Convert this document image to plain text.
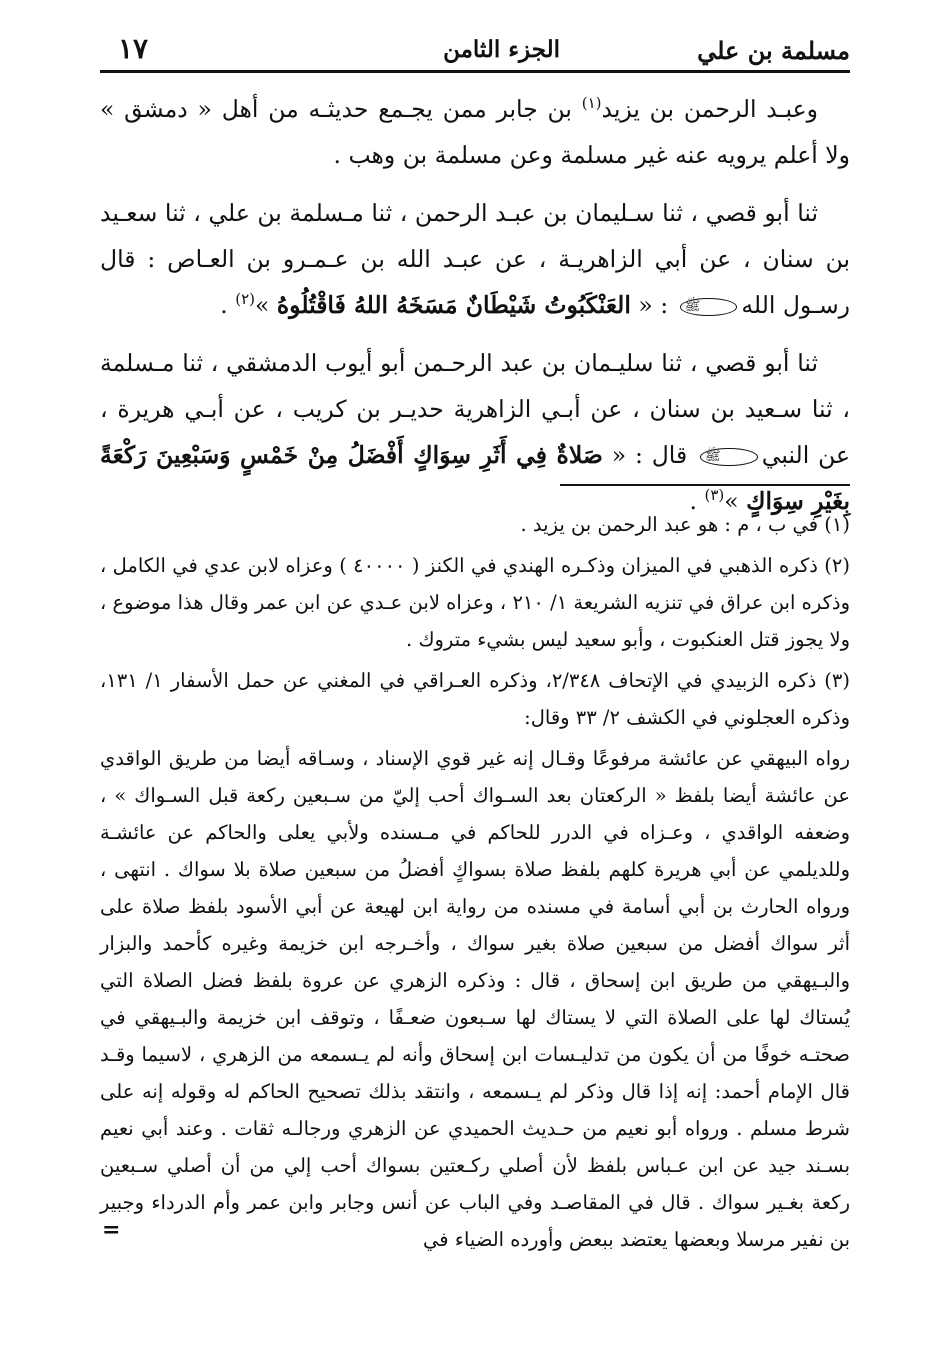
مسلمة بن علي
الجزء الثامن
١٧

وعبـد الرحمن بن يزيد$^{(١)}$ بن جابر ممن يجـمع حديثـه من أهل « دمشق » ولا أعلم يرويه عنه غير مسلمة وعن مسلمة بن وهب .

ثنا أبو قصي ، ثنا سـليمان بن عبـد الرحمن ، ثنا مـسلمة بن علي ، ثنا سعـيد بن سنان ، عن أبي الزاهريـة ، عن عبـد الله بن عـمـرو بن العـاص : قال رسـول اللهﷺ : « العَنْكَبُوتُ شَيْطَانٌ مَسَخَهُ اللهُ فَاقْتُلُوهُ »$^{(٢)}$ .

ثنا أبو قصي ، ثنا سليـمان بن عبد الرحـمن أبو أيوب الدمشقي ، ثنا مـسلمة ، ثنا سـعيد بن سنان ، عن أبـي الزاهرية حديـر بن كريب ، عن أبـي هريرة ، عن النبيﷺ قال : « صَلاةٌ فِي أَثَرِ سِوَاكٍ أَفْضَلُ مِنْ خَمْسٍ وَسَبْعِينَ رَكْعَةً بِغَيْرِ سِوَاكٍ »$^{(٣)}$ .

(١) في ب ، م : هو عبد الرحمن بن يزيد .

(٢) ذكره الذهبي في الميزان وذكـره الهندي في الكنز ( ٤٠٠٠٠ ) وعزاه لابن عدي في الكامل ، وذكره ابن عراق في تنزيه الشريعة ١/ ٢١٠ ، وعزاه لابن عـدي عن ابن عمر وقال هذا موضوع ، ولا يجوز قتل العنكبوت ، وأبو سعيد ليس بشيء متروك .

(٣) ذكره الزبيدي في الإتحاف ٢/٣٤٨، وذكره العـراقي في المغني عن حمل الأسفار ١/ ١٣١، وذكره العجلوني في الكشف ٢/ ٣٣ وقال:

رواه البيهقي عن عائشة مرفوعًا وقـال إنه غير قوي الإسناد ، وسـاقه أيضا من طريق الواقدي عن عائشة أيضا بلفظ « الركعتان بعد السـواك أحب إليّ من سـبعين ركعة قبل السـواك » ، وضعفه الواقدي ، وعـزاه في الدرر للحاكم في مـسنده ولأبي يعلى والحاكم عن عائشـة وللديلمي عن أبي هريرة كلهم بلفظ صلاة بسواكٍ أفضلُ من سبعين صلاة بلا سواك . انتهى ، ورواه الحارث بن أبي أسامة في مسنده من رواية ابن لهيعة عن أبي الأسود بلفظ صلاة على أثر سواك أفضل من سبعين صلاة بغير سواك ، وأخـرجه ابن خزيمة وغيره كأحمد والبزار والبـيهقي من طريق ابن إسحاق ، قال : وذكره الزهري عن عروة بلفظ فضل الصلاة التي يُستاك لها على الصلاة التي لا يستاك لها سـبعون ضعـفًا ، وتوقف ابن خزيمة والبـيهقي في صحتـه خوفًا من أن يكون من تدليـسات ابن إسحاق وأنه لم يـسمعه من الزهري ، لاسيما وقـد قال الإمام أحمد: إنه إذا قال وذكر لم يـسمعه ، وانتقد بذلك تصحيح الحاكم له وقوله إنه على شرط مسلم . ورواه أبو نعيم من حـديث الحميدي عن الزهري ورجالـه ثقات . وعند أبي نعيم بسـند جيد عن ابن عـباس بلفظ لأن أصلي ركـعتين بسواك أحب إلي من أن أصلي سـبعين ركعة بغـير سواك . قال في المقاصـد وفي الباب عن أنس وجابر وابن عمر وأم الدرداء وجبير بن نفير مرسلا وبعضها يعتضد ببعض وأورده الضياء في

=
